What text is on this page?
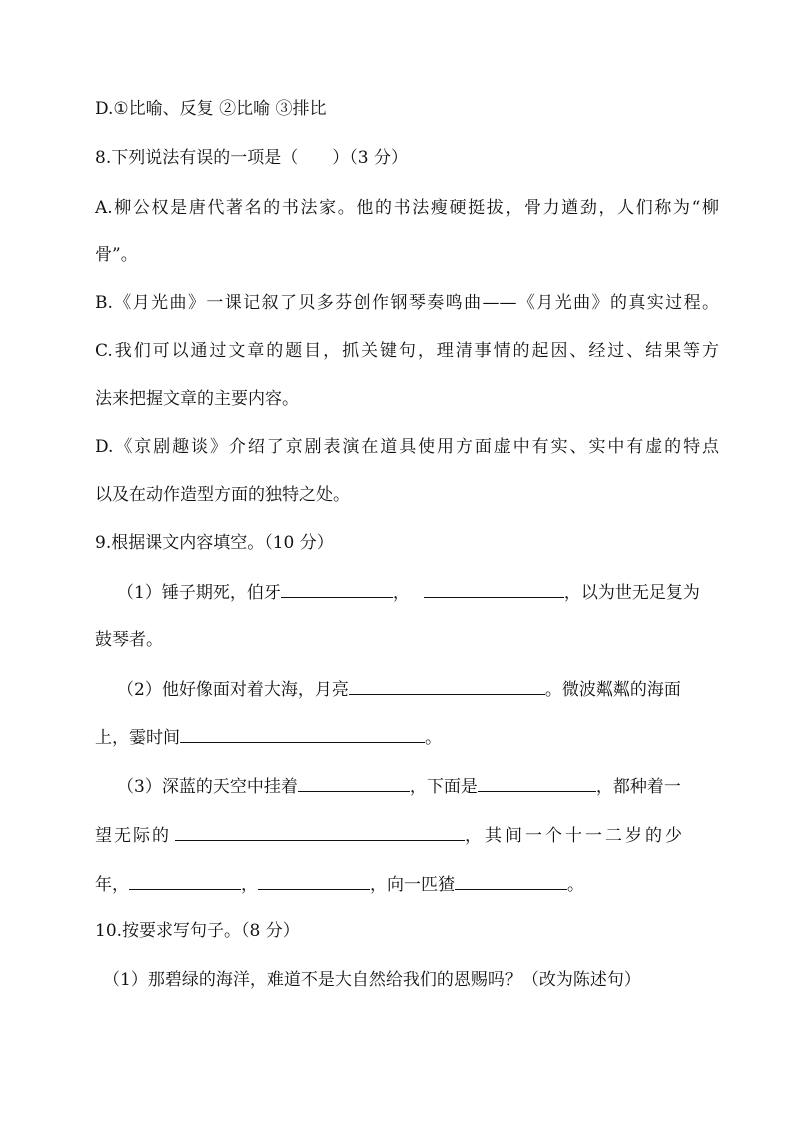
D.①比喻、反复 ②比喻 ③排比
8.下列说法有误的一项是（ ）（3 分）
A.柳公权是唐代著名的书法家。他的书法瘦硬挺拔，骨力遒劲，人们称为“柳
骨”。
B.《月光曲》一课记叙了贝多芬创作钢琴奏鸣曲——《月光曲》的真实过程。
C.我们可以通过文章的题目，抓关键句，理清事情的起因、经过、结果等方
法来把握文章的主要内容。
D.《京剧趣谈》介绍了京剧表演在道具使用方面虚中有实、实中有虚的特点
以及在动作造型方面的独特之处。
9.根据课文内容填空。（10 分）
（1）锤子期死，伯牙	，	，以为世无足复为
鼓琴者。
（2）他好像面对着大海，月亮	。微波粼粼的海面
上，霎时间	。
（3）深蓝的天空中挂着	，下面是	，都种着一
望无际的	，其间一个十一二岁的少
年，	，	，向一匹猹	。
10.按要求写句子。（8 分）
（1）那碧绿的海洋，难道不是大自然给我们的恩赐吗？（改为陈述句）
